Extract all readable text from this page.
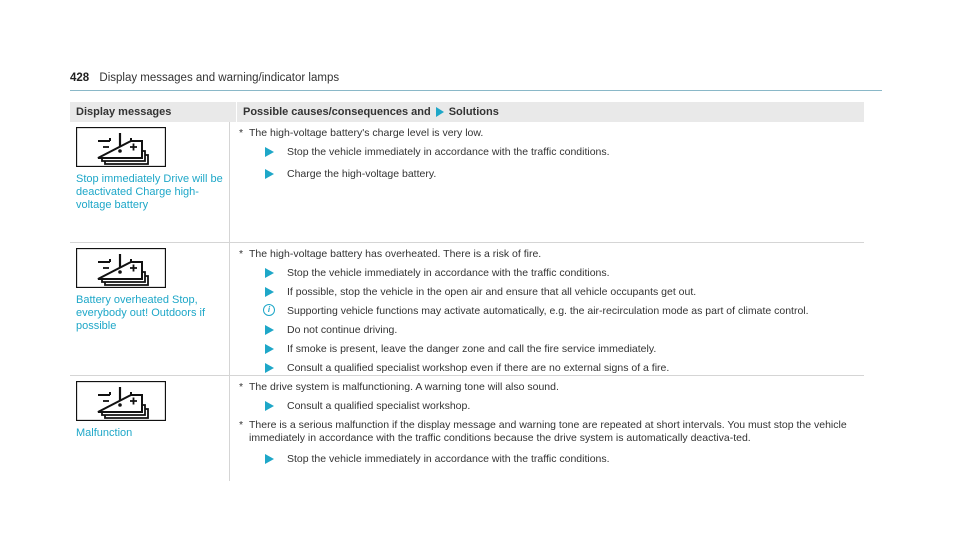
428 Display messages and warning/indicator lamps
Display messages	Possible causes/consequences and Solutions
Stop immediately Drive will be deactivated Charge high-voltage battery
* The high-voltage battery's charge level is very low.
Stop the vehicle immediately in accordance with the traffic conditions.
Charge the high-voltage battery.
Battery overheated Stop, everybody out! Outdoors if possible
* The high-voltage battery has overheated. There is a risk of fire.
Stop the vehicle immediately in accordance with the traffic conditions.
If possible, stop the vehicle in the open air and ensure that all vehicle occupants get out.
i	Supporting vehicle functions may activate automatically, e.g. the air-recirculation mode as part of climate control.
Do not continue driving.
If smoke is present, leave the danger zone and call the fire service immediately.
Consult a qualified specialist workshop even if there are no external signs of a fire.
Malfunction
* The drive system is malfunctioning. A warning tone will also sound.
Consult a qualified specialist workshop.
* There is a serious malfunction if the display message and warning tone are repeated at short intervals. You must stop the vehicle immediately in accordance with the traffic conditions because the drive system is automatically deactiva-ted.
Stop the vehicle immediately in accordance with the traffic conditions.
